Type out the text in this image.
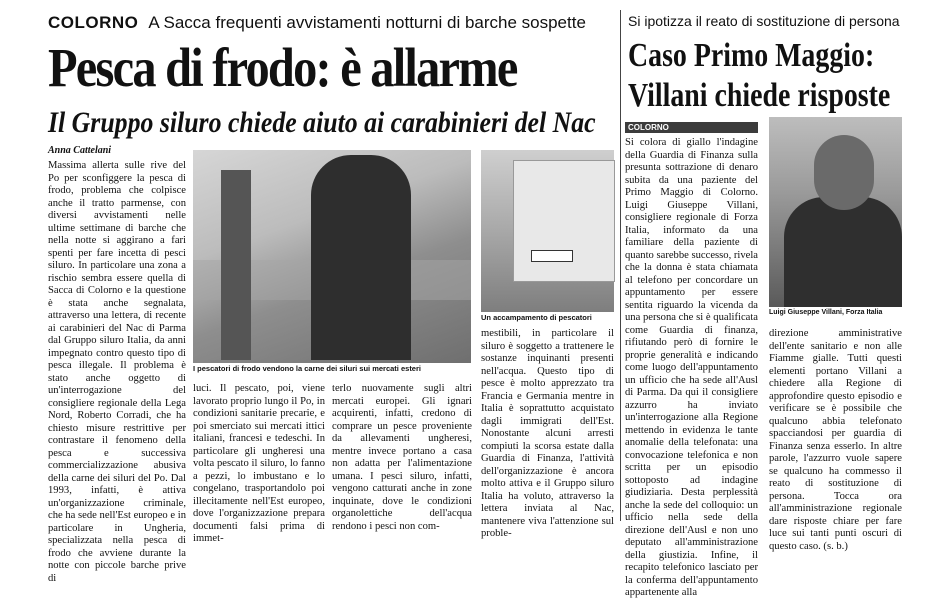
COLORNO A Sacca frequenti avvistamenti notturni di barche sospette
Pesca di frodo: è allarme
Il Gruppo siluro chiede aiuto ai carabinieri del Nac
Anna Cattelani

Massima allerta sulle rive del Po per sconfiggere la pesca di frodo, problema che colpisce anche il tratto parmense, con diversi avvistamenti nelle ultime settimane di barche che nella notte si aggirano a fari spenti per fare incetta di pesci siluro. In particolare una zona a rischio sembra essere quella di Sacca di Colorno e la questione è stata anche segnalata, attraverso una lettera, di recente ai carabinieri del Nac di Parma dal Gruppo siluro Italia, da anni impegnato contro questo tipo di pesca illegale. Il problema è stato anche oggetto di un'interrogazione del consigliere regionale della Lega Nord, Roberto Corradi, che ha chiesto misure restrittive per contrastare il fenomeno della pesca e successiva commercializzazione abusiva della carne dei siluri del Po. Dal 1993, infatti, è attiva un'organizzazione criminale, che ha sede nell'Est europeo e in particolare in Ungheria, specializzata nella pesca di frodo che avviene durante la notte con piccole barche prive di

I pescatori di frodo vendono la carne dei siluri sui mercati esteri

luci. Il pescato, poi, viene lavorato proprio lungo il Po, in condizioni sanitarie precarie, e poi smerciato sui mercati ittici italiani, francesi e tedeschi. In particolare gli ungheresi una volta pescato il siluro, lo fanno a pezzi, lo imbustano e lo congelano, trasportandolo poi illecitamente nell'Est europeo, dove l'organizzazione prepara documenti falsi prima di immet-

terlo nuovamente sugli altri mercati europei. Gli ignari acquirenti, infatti, credono di comprare un pesce proveniente da allevamenti ungheresi, mentre invece portano a casa non adatta per l'alimentazione umana. I pesci siluro, infatti, vengono catturati anche in zone inquinate, dove le condizioni organolettiche dell'acqua rendono i pesci non com-

Un accampamento di pescatori

mestibili, in particolare il siluro è soggetto a trattenere le sostanze inquinanti presenti nell'acqua. Questo tipo di pesce è molto apprezzato tra Francia e Germania mentre in Italia è soprattutto acquistato dagli immigrati dell'Est. Nonostante alcuni arresti compiuti la scorsa estate dalla Guardia di Finanza, l'attività dell'organizzazione è ancora molto attiva e il Gruppo siluro Italia ha voluto, attraverso la lettera inviata al Nac, mantenere viva l'attenzione sul proble-

Si ipotizza il reato di sostituzione di persona
Caso Primo Maggio:
Villani chiede risposte
COLORNO

Si colora di giallo l'indagine della Guardia di Finanza sulla presunta sottrazione di denaro subita da una paziente del Primo Maggio di Colorno. Luigi Giuseppe Villani, consigliere regionale di Forza Italia, informato da una familiare della paziente di quanto sarebbe successo, rivela che la donna è stata chiamata al telefono per concordare un appuntamento per essere sentita riguardo la vicenda da una persona che si è qualificata come Guardia di finanza, rifiutando però di fornire le proprie generalità e indicando come luogo dell'appuntamento un ufficio che ha sede all'Ausl di Parma. Da qui il consigliere azzurro ha inviato un'interrogazione alla Regione mettendo in evidenza le tante anomalie della telefonata: una convocazione telefonica e non scritta per un episodio sottoposto ad indagine giudiziaria. Desta perplessità anche la sede del colloquio: un ufficio nella sede della direzione dell'Ausl e non uno deputato all'amministrazione della giustizia. Infine, il recapito telefonico lasciato per la conferma dell'appuntamento appartenente alla

Luigi Giuseppe Villani, Forza Italia

direzione amministrative dell'ente sanitario e non alle Fiamme gialle. Tutti questi elementi portano Villani a chiedere alla Regione di approfondire questo episodio e verificare se è possibile che qualcuno abbia telefonato spacciandosi per guardia di Finanza senza esserlo. In altre parole, l'azzurro vuole sapere se qualcuno ha commesso il reato di sostituzione di persona. Tocca ora all'amministrazione regionale dare risposte chiare per fare luce sui tanti punti oscuri di questo caso. (s. b.)
